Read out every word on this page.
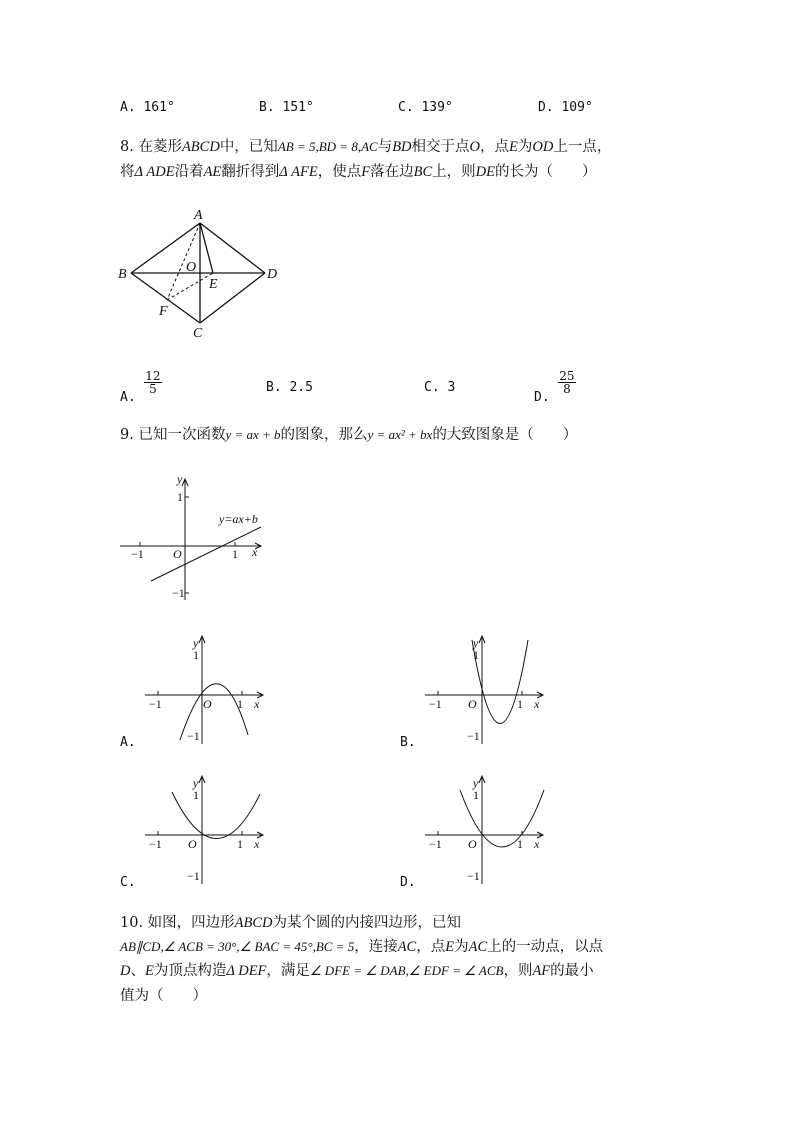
A. 161°	B. 151°	C. 139°	D. 109°
8. 在菱形ABCD中，已知AB = 5,BD = 8,AC与BD相交于点O，点E为OD上一点，
将Δ ADE沿着AE翻折得到Δ AFE，使点F落在边BC上，则DE的长为（　　）
A
B	D
C
O
E
F
A.
$\frac{12}{5}$	B. 2.5	C. 3
D.
$\frac{25}{8}$
9. 已知一次函数y = ax + b的图象，那么y = ax² + bx的大致图象是（　　）
y
1
−1
−1 O	1 x
y=ax+b
y
1
−1
−1	O 1 x
A.
y
1
−1
−1 O	1 x
B.
y
1
−1
−1 O	1 x
C.
y
1
−1
−1 O	1 x
D.
10. 如图，四边形ABCD为某个圆的内接四边形，已知
AB∥CD,∠ ACB = 30°,∠ BAC = 45°,BC = 5，连接AC，点E为AC上的一动点，以点
D、E为顶点构造Δ DEF，满足∠ DFE = ∠ DAB,∠ EDF = ∠ ACB，则AF的最小
值为（　　）
